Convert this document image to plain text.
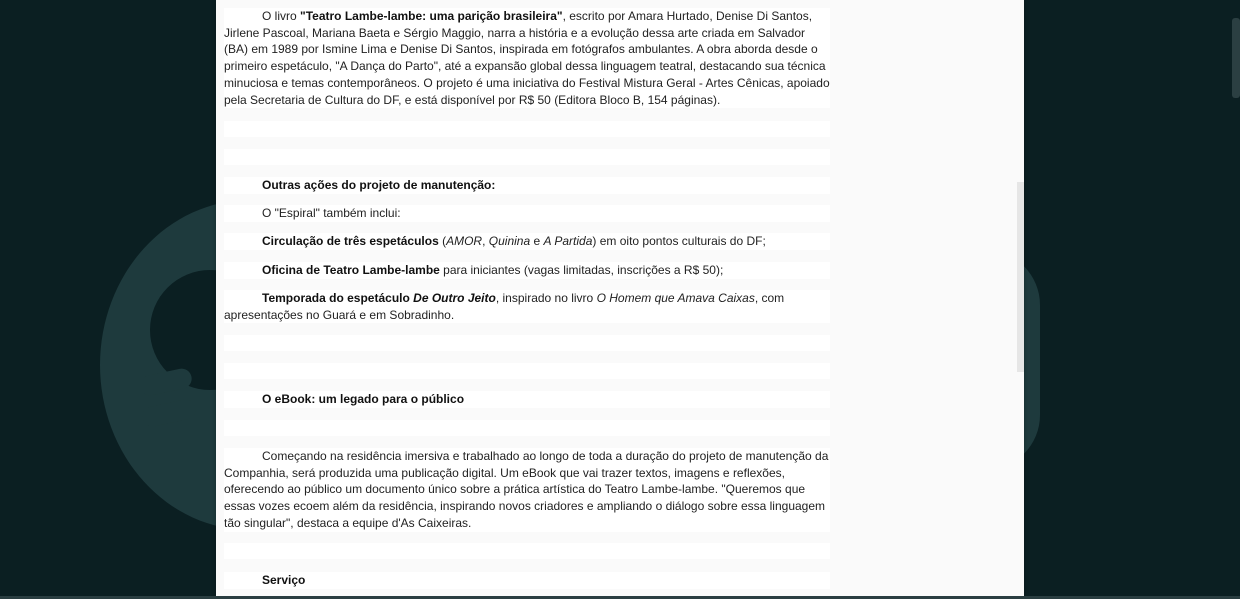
O livro "Teatro Lambe-lambe: uma parição brasileira", escrito por Amara Hurtado, Denise Di Santos, Jirlene Pascoal, Mariana Baeta e Sérgio Maggio, narra a história e a evolução dessa arte criada em Salvador (BA) em 1989 por Ismine Lima e Denise Di Santos, inspirada em fotógrafos ambulantes. A obra aborda desde o primeiro espetáculo, "A Dança do Parto", até a expansão global dessa linguagem teatral, destacando sua técnica minuciosa e temas contemporâneos. O projeto é uma iniciativa do Festival Mistura Geral - Artes Cênicas, apoiado pela Secretaria de Cultura do DF, e está disponível por R$ 50 (Editora Bloco B, 154 páginas).
Outras ações do projeto de manutenção:
O "Espiral" também inclui:
Circulação de três espetáculos (AMOR, Quinina e A Partida) em oito pontos culturais do DF;
Oficina de Teatro Lambe-lambe para iniciantes (vagas limitadas, inscrições a R$ 50);
Temporada do espetáculo De Outro Jeito, inspirado no livro O Homem que Amava Caixas, com apresentações no Guará e em Sobradinho.
O eBook: um legado para o público
Começando na residência imersiva e trabalhado ao longo de toda a duração do projeto de manutenção da Companhia, será produzida uma publicação digital. Um eBook que vai trazer textos, imagens e reflexões, oferecendo ao público um documento único sobre a prática artística do Teatro Lambe-lambe. "Queremos que essas vozes ecoem além da residência, inspirando novos criadores e ampliando o diálogo sobre essa linguagem tão singular", destaca a equipe d'As Caixeiras.
Serviço
